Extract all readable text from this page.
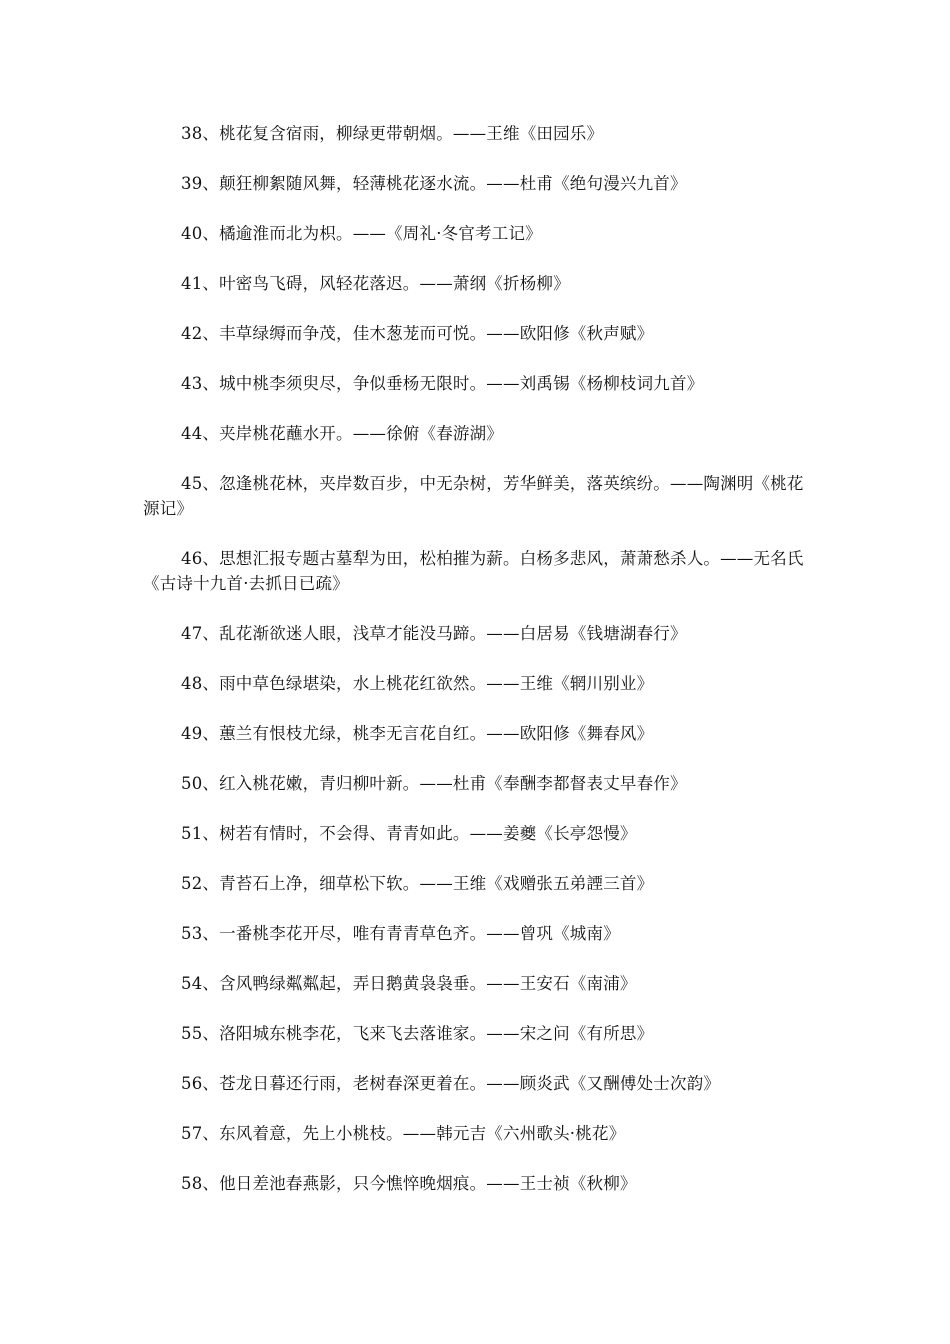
38、桃花复含宿雨，柳绿更带朝烟。——王维《田园乐》

39、颠狂柳絮随风舞，轻薄桃花逐水流。——杜甫《绝句漫兴九首》

40、橘逾淮而北为枳。——《周礼·冬官考工记》

41、叶密鸟飞碍，风轻花落迟。——萧纲《折杨柳》

42、丰草绿缛而争茂，佳木葱茏而可悦。——欧阳修《秋声赋》

43、城中桃李须臾尽，争似垂杨无限时。——刘禹锡《杨柳枝词九首》

44、夹岸桃花蘸水开。——徐俯《春游湖》

45、忽逢桃花林，夹岸数百步，中无杂树，芳华鲜美，落英缤纷。——陶渊明《桃花源记》

46、思想汇报专题古墓犁为田，松柏摧为薪。白杨多悲风，萧萧愁杀人。——无名氏《古诗十九首·去抓日已疏》

47、乱花渐欲迷人眼，浅草才能没马蹄。——白居易《钱塘湖春行》

48、雨中草色绿堪染，水上桃花红欲然。——王维《辋川别业》

49、蕙兰有恨枝尤绿，桃李无言花自红。——欧阳修《舞春风》

50、红入桃花嫩，青归柳叶新。——杜甫《奉酬李都督表丈早春作》

51、树若有情时，不会得、青青如此。——姜夔《长亭怨慢》

52、青苔石上净，细草松下软。——王维《戏赠张五弟諲三首》

53、一番桃李花开尽，唯有青青草色齐。——曾巩《城南》

54、含风鸭绿粼粼起，弄日鹅黄袅袅垂。——王安石《南浦》

55、洛阳城东桃李花，飞来飞去落谁家。——宋之问《有所思》

56、苍龙日暮还行雨，老树春深更着在。——顾炎武《又酬傅处士次韵》

57、东风着意，先上小桃枝。——韩元吉《六州歌头·桃花》

58、他日差池春燕影，只今憔悴晚烟痕。——王士祯《秋柳》
